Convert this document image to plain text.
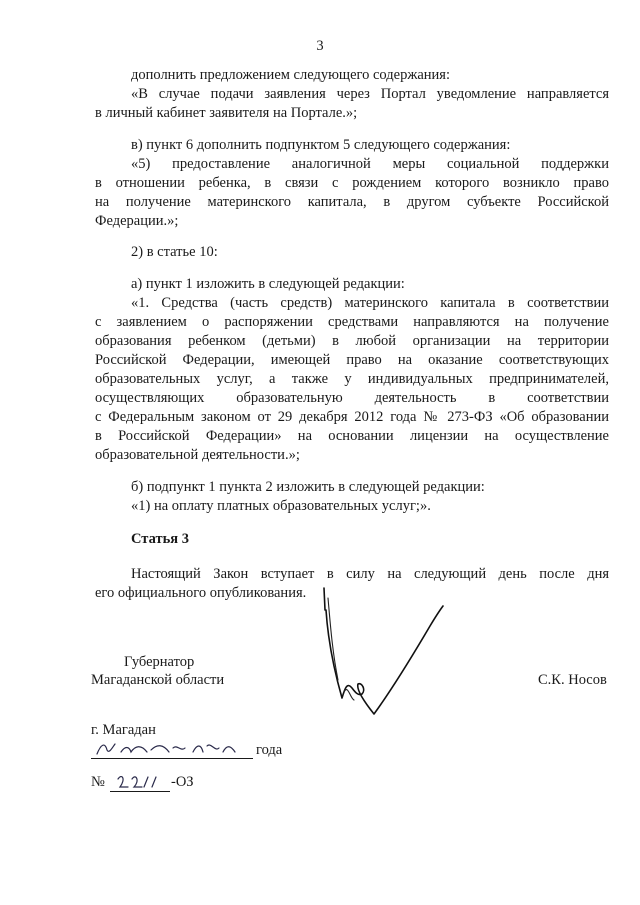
3
дополнить предложением следующего содержания:
«В случае подачи заявления через Портал уведомление направляется
в личный кабинет заявителя на Портале.»;
в) пункт 6 дополнить подпунктом 5 следующего содержания:
«5) предоставление аналогичной меры социальной поддержки
в отношении ребенка, в связи с рождением которого возникло право
на получение материнского капитала, в другом субъекте Российской
Федерации.»;
2) в статье 10:
а) пункт 1 изложить в следующей редакции:
«1. Средства (часть средств) материнского капитала в соответствии
с заявлением о распоряжении средствами направляются на получение
образования ребенком (детьми) в любой организации на территории
Российской Федерации, имеющей право на оказание соответствующих
образовательных услуг, а также у индивидуальных предпринимателей,
осуществляющих образовательную деятельность в соответствии
с Федеральным законом от 29 декабря 2012 года № 273-ФЗ «Об образовании
в Российской Федерации» на основании лицензии на осуществление
образовательной деятельности.»;
б) подпункт 1 пункта 2 изложить в следующей редакции:
«1) на оплату платных образовательных услуг;».
Статья 3
Настоящий Закон вступает в силу на следующий день после дня
его официального опубликования.
Губернатор
Магаданской области	С.К. Носов
г. Магадан
года
№	-ОЗ
